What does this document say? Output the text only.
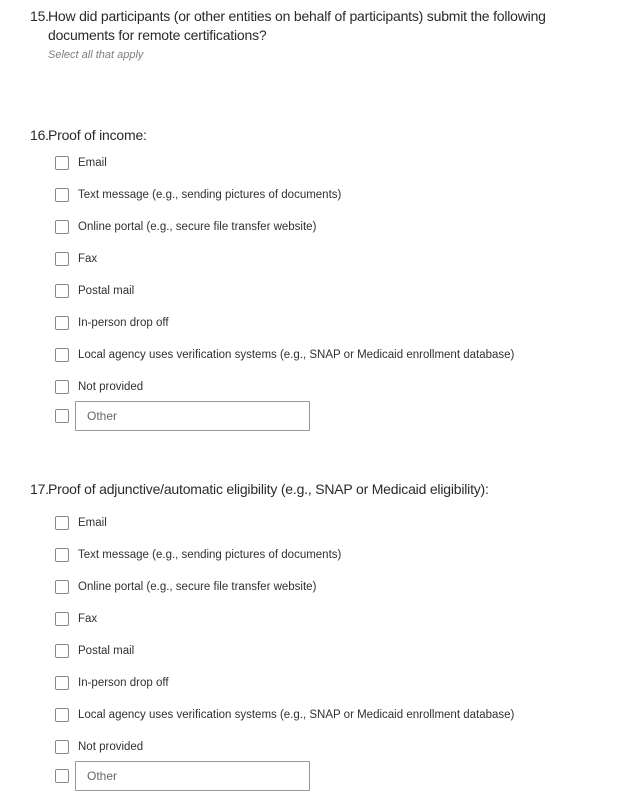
15. How did participants (or other entities on behalf of participants) submit the following documents for remote certifications?
Select all that apply
16. Proof of income:
Email
Text message (e.g., sending pictures of documents)
Online portal (e.g., secure file transfer website)
Fax
Postal mail
In-person drop off
Local agency uses verification systems (e.g., SNAP or Medicaid enrollment database)
Not provided
Other
17. Proof of adjunctive/automatic eligibility (e.g., SNAP or Medicaid eligibility):
Email
Text message (e.g., sending pictures of documents)
Online portal (e.g., secure file transfer website)
Fax
Postal mail
In-person drop off
Local agency uses verification systems (e.g., SNAP or Medicaid enrollment database)
Not provided
Other
